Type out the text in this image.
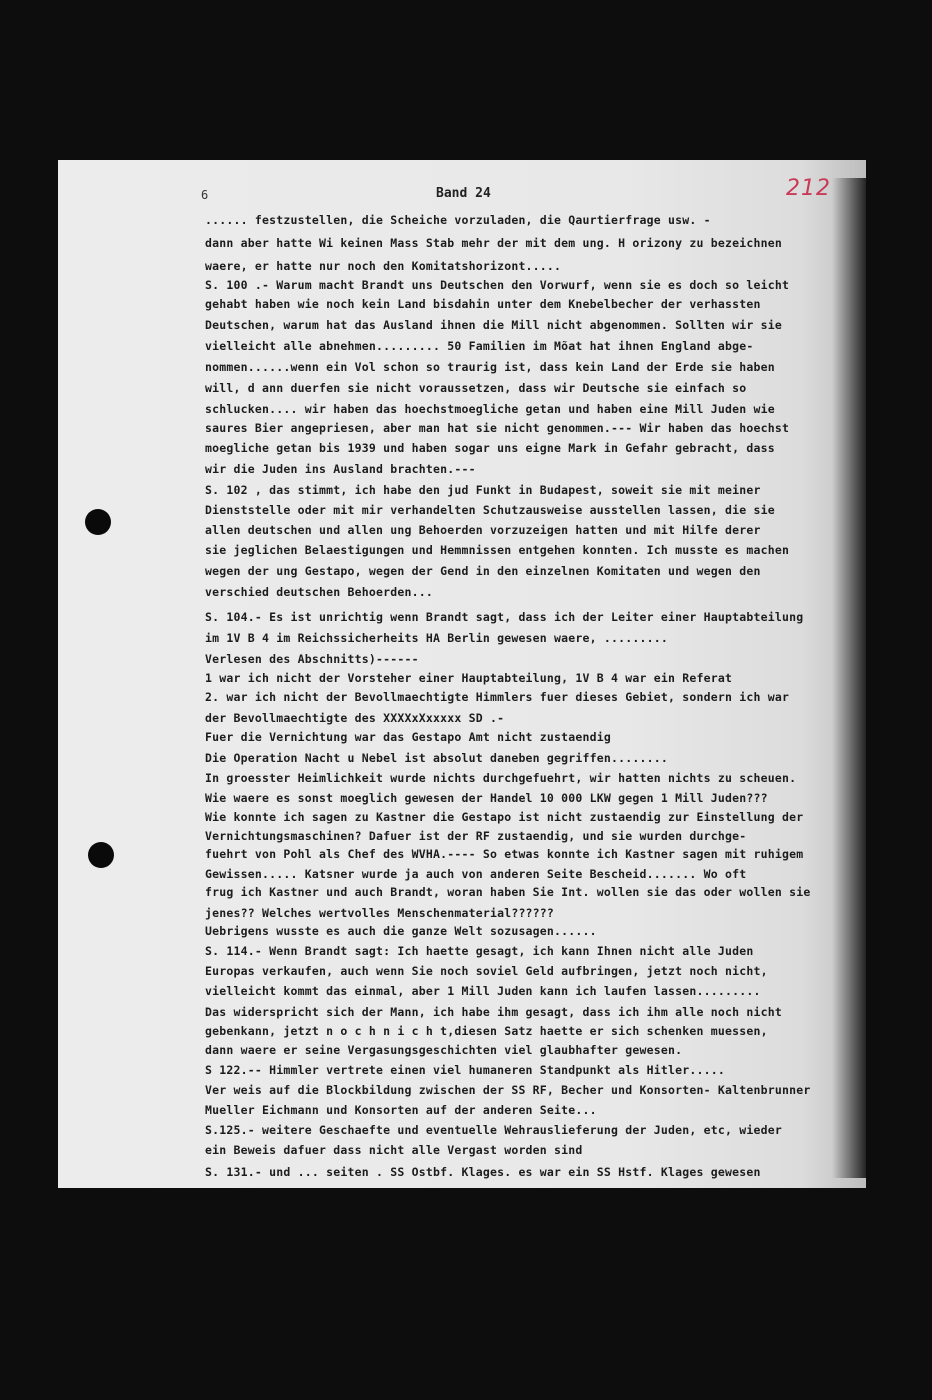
6	Band 24	212
...... festzustellen, die Scheiche vorzuladen, die Qaurtierfrage usw. -
dann aber hatte Wi keinen Mass Stab mehr der mit dem ung. H orizony zu bezeichnen
waere, er hatte nur noch den Komitatshorizont.....
S. 100 .- Warum macht Brandt uns Deutschen den Vorwurf, wenn sie es doch so leicht
gehabt haben wie noch kein Land bisdahin unter dem Knebelbecher der verhassten
Deutschen, warum hat das Ausland ihnen die Mill nicht abgenommen. Sollten wir sie
vielleicht alle abnehmen......... 50 Familien im Mõat hat ihnen England abge-
nommen......wenn ein Vol schon so traurig ist, dass kein Land der Erde sie haben
will, d ann duerfen sie nicht voraussetzen, dass wir Deutsche sie einfach so
schlucken.... wir haben das hoechstmoegliche getan und haben eine Mill Juden wie
saures Bier angepriesen, aber man hat sie nicht genommen.--- Wir haben das hoechst
moegliche getan bis 1939 und haben sogar uns eigne Mark in Gefahr gebracht, dass
wir die Juden ins Ausland brachten.---
S. 102 , das stimmt, ich habe den jud Funkt in Budapest, soweit sie mit meiner
Dienststelle oder mit mir verhandelten Schutzausweise ausstellen lassen, die sie
allen deutschen und allen ung Behoerden vorzuzeigen hatten und mit Hilfe derer
sie jeglichen Belaestigungen und Hemmnissen entgehen konnten. Ich musste es machen
wegen der ung Gestapo, wegen der Gend in den einzelnen Komitaten und wegen den
verschied deutschen Behoerden...
S. 104.- Es ist unrichtig wenn Brandt sagt, dass ich der Leiter einer Hauptabteilung
im 1V B 4 im Reichssicherheits HA Berlin gewesen waere, .........
Verlesen des Abschnitts)------
1 war ich nicht der Vorsteher einer Hauptabteilung, 1V B 4 war ein Referat
2. war ich nicht der Bevollmaechtigte Himmlers fuer dieses Gebiet, sondern ich war
der Bevollmaechtigte des XXXXxXxxxxx SD .-
Fuer die Vernichtung war das Gestapo Amt nicht zustaendig
Die Operation Nacht u Nebel ist absolut daneben gegriffen........
In groesster Heimlichkeit wurde nichts durchgefuehrt, wir hatten nichts zu scheuen.
Wie waere es sonst moeglich gewesen der Handel 10 000 LKW gegen 1 Mill Juden???
Wie konnte ich sagen zu Kastner die Gestapo ist nicht zustaendig zur Einstellung der
Vernichtungsmaschinen? Dafuer ist der RF zustaendig, und sie wurden durchge-
fuehrt von Pohl als Chef des WVHA.---- So etwas konnte ich Kastner sagen mit ruhigem
Gewissen..... Katsner wurde ja auch von anderen Seite Bescheid....... Wo oft
frug ich Kastner und auch Brandt, woran haben Sie Int. wollen sie das oder wollen sie
jenes?? Welches wertvolles Menschenmaterial??????
Uebrigens wusste es auch die ganze Welt sozusagen......
S. 114.- Wenn Brandt sagt: Ich haette gesagt, ich kann Ihnen nicht alle Juden
Europas verkaufen, auch wenn Sie noch soviel Geld aufbringen, jetzt noch nicht,
vielleicht kommt das einmal, aber 1 Mill Juden kann ich laufen lassen.........
Das widerspricht sich der Mann, ich habe ihm gesagt, dass ich ihm alle noch nicht
gebenkann, jetzt n o c h n i c h t,diesen Satz haette er sich schenken muessen,
dann waere er seine Vergasungsgeschichten viel glaubhafter gewesen.
S 122.-- Himmler vertrete einen viel humaneren Standpunkt als Hitler.....
Ver weis auf die Blockbildung zwischen der SS RF, Becher und Konsorten- Kaltenbrunner
Mueller Eichmann und Konsorten auf der anderen Seite...
S.125.- weitere Geschaefte und eventuelle Wehrauslieferung der Juden, etc, wieder
ein Beweis dafuer dass nicht alle Vergast worden sind
S. 131.- und ... seiten . SS Ostbf. Klages. es war ein SS Hstf. Klages gewesen
